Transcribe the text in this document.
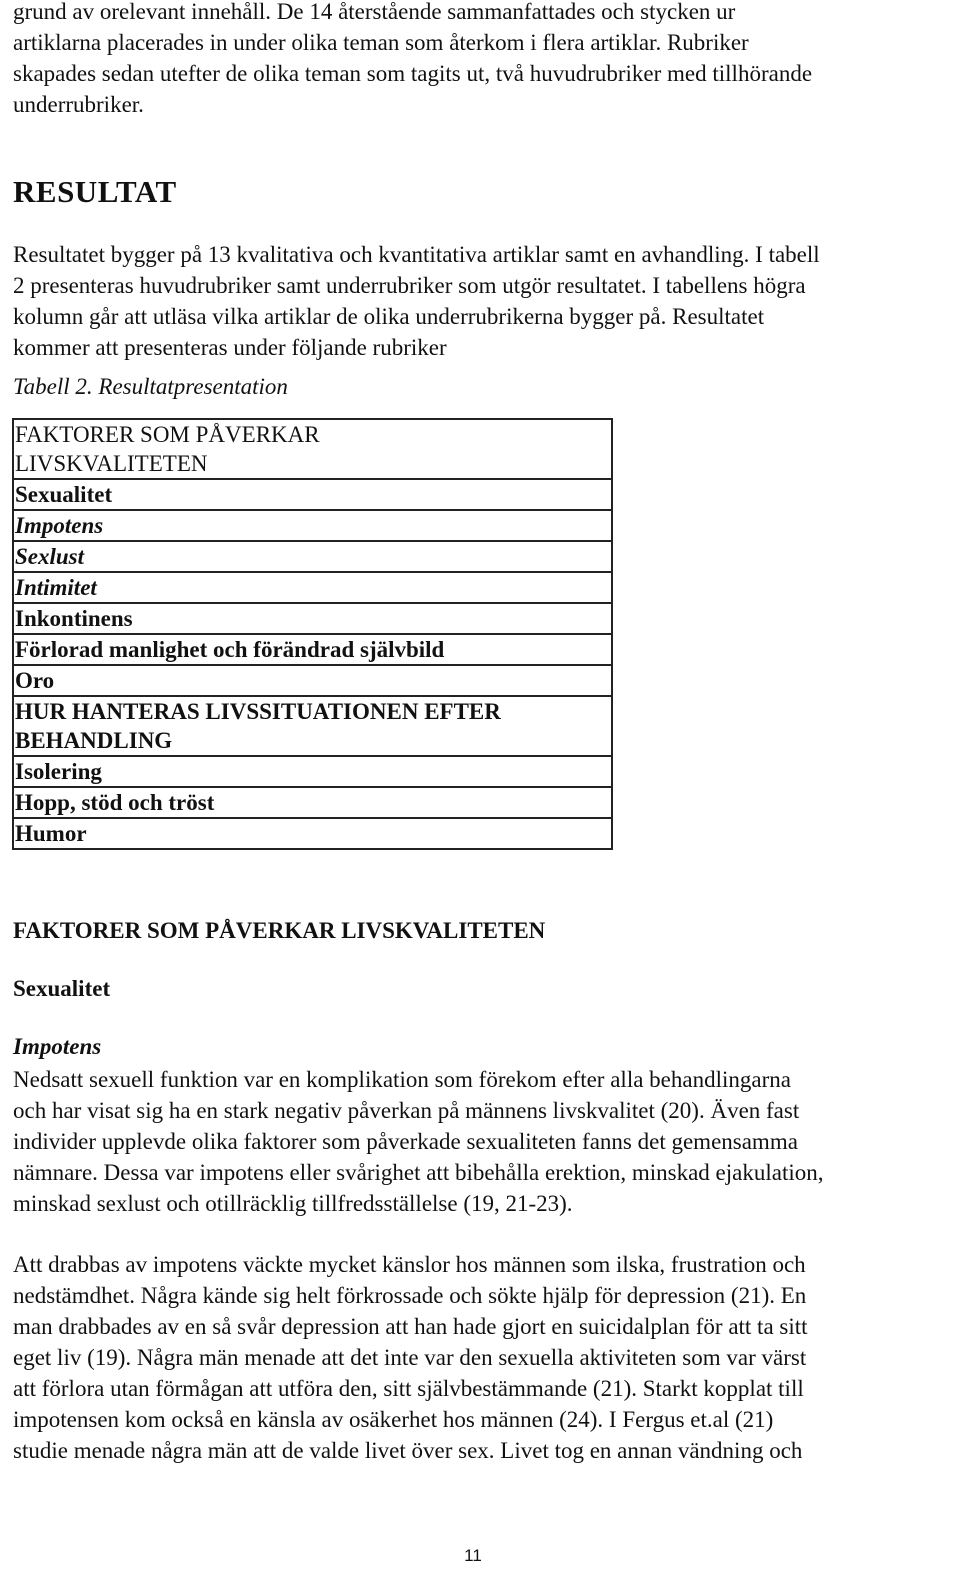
grund av orelevant innehåll. De 14 återstående sammanfattades och stycken ur
artiklarna placerades in under olika teman som återkom i flera artiklar. Rubriker
skapades sedan utefter de olika teman som tagits ut, två huvudrubriker med tillhörande
underrubriker.

RESULTAT

Resultatet bygger på 13 kvalitativa och kvantitativa artiklar samt en avhandling. I tabell
2 presenteras huvudrubriker samt underrubriker som utgör resultatet. I tabellens högra
kolumn går att utläsa vilka artiklar de olika underrubrikerna bygger på. Resultatet
kommer att presenteras under följande rubriker

Tabell 2. Resultatpresentation

FAKTORER SOM PÅVERKAR
LIVSKVALITETEN

Sexualitet

Impotens

Sexlust

Intimitet

Inkontinens

Förlorad manlighet och förändrad självbild

Oro

HUR HANTERAS LIVSSITUATIONEN EFTER
BEHANDLING

Isolering

Hopp, stöd och tröst

Humor
FAKTORER SOM PÅVERKAR LIVSKVALITETEN
Sexualitet
Impotens

Nedsatt sexuell funktion var en komplikation som förekom efter alla behandlingarna
och har visat sig ha en stark negativ påverkan på männens livskvalitet (20). Även fast
individer upplevde olika faktorer som påverkade sexualiteten fanns det gemensamma
nämnare. Dessa var impotens eller svårighet att bibehålla erektion, minskad ejakulation,
minskad sexlust och otillräcklig tillfredsställelse (19, 21-23).

Att drabbas av impotens väckte mycket känslor hos männen som ilska, frustration och
nedstämdhet. Några kände sig helt förkrossade och sökte hjälp för depression (21). En
man drabbades av en så svår depression att han hade gjort en suicidalplan för att ta sitt
eget liv (19). Några män menade att det inte var den sexuella aktiviteten som var värst
att förlora utan förmågan att utföra den, sitt självbestämmande (21). Starkt kopplat till
impotensen kom också en känsla av osäkerhet hos männen (24). I Fergus et.al (21)
studie menade några män att de valde livet över sex. Livet tog en annan vändning och

11
